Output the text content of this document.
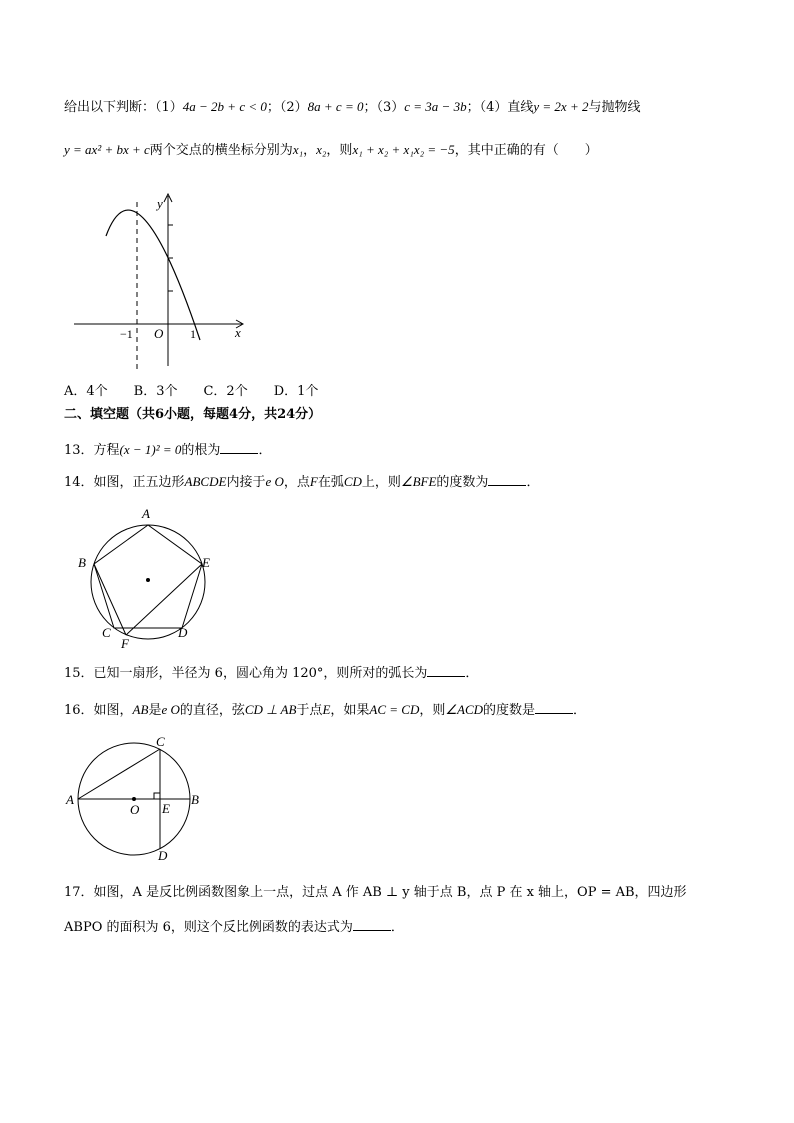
给出以下判断：（1）4a − 2b + c < 0；（2）8a + c = 0；（3）c = 3a − 3b；（4）直线y = 2x + 2与抛物线
y = ax² + bx + c两个交点的横坐标分别为x₁，x₂，则x₁ + x₂ + x₁x₂ = −5，其中正确的有（　　）
y
x
O
−1	1
A．4个　　B．3个　　C．2个　　D．1个
二、填空题（共6小题，每题4分，共24分）
13．方程(x − 1)² = 0的根为	．
14．如图，正五边形ABCDE内接于e O，点F在弧CD上，则∠BFE的度数为	．
A
B
C	D
E
F
15．已知一扇形，半径为 6，圆心角为 120°，则所对的弧长为	．
16．如图，AB是e O的直径，弦CD ⊥ AB于点E，如果AC = CD，则∠ACD的度数是	．
A	B
C
D
E
O
17．如图，A 是反比例函数图象上一点，过点 A 作 AB ⊥ y 轴于点 B，点 P 在 x 轴上，OP = AB，四边形
ABPO 的面积为 6，则这个反比例函数的表达式为	．
